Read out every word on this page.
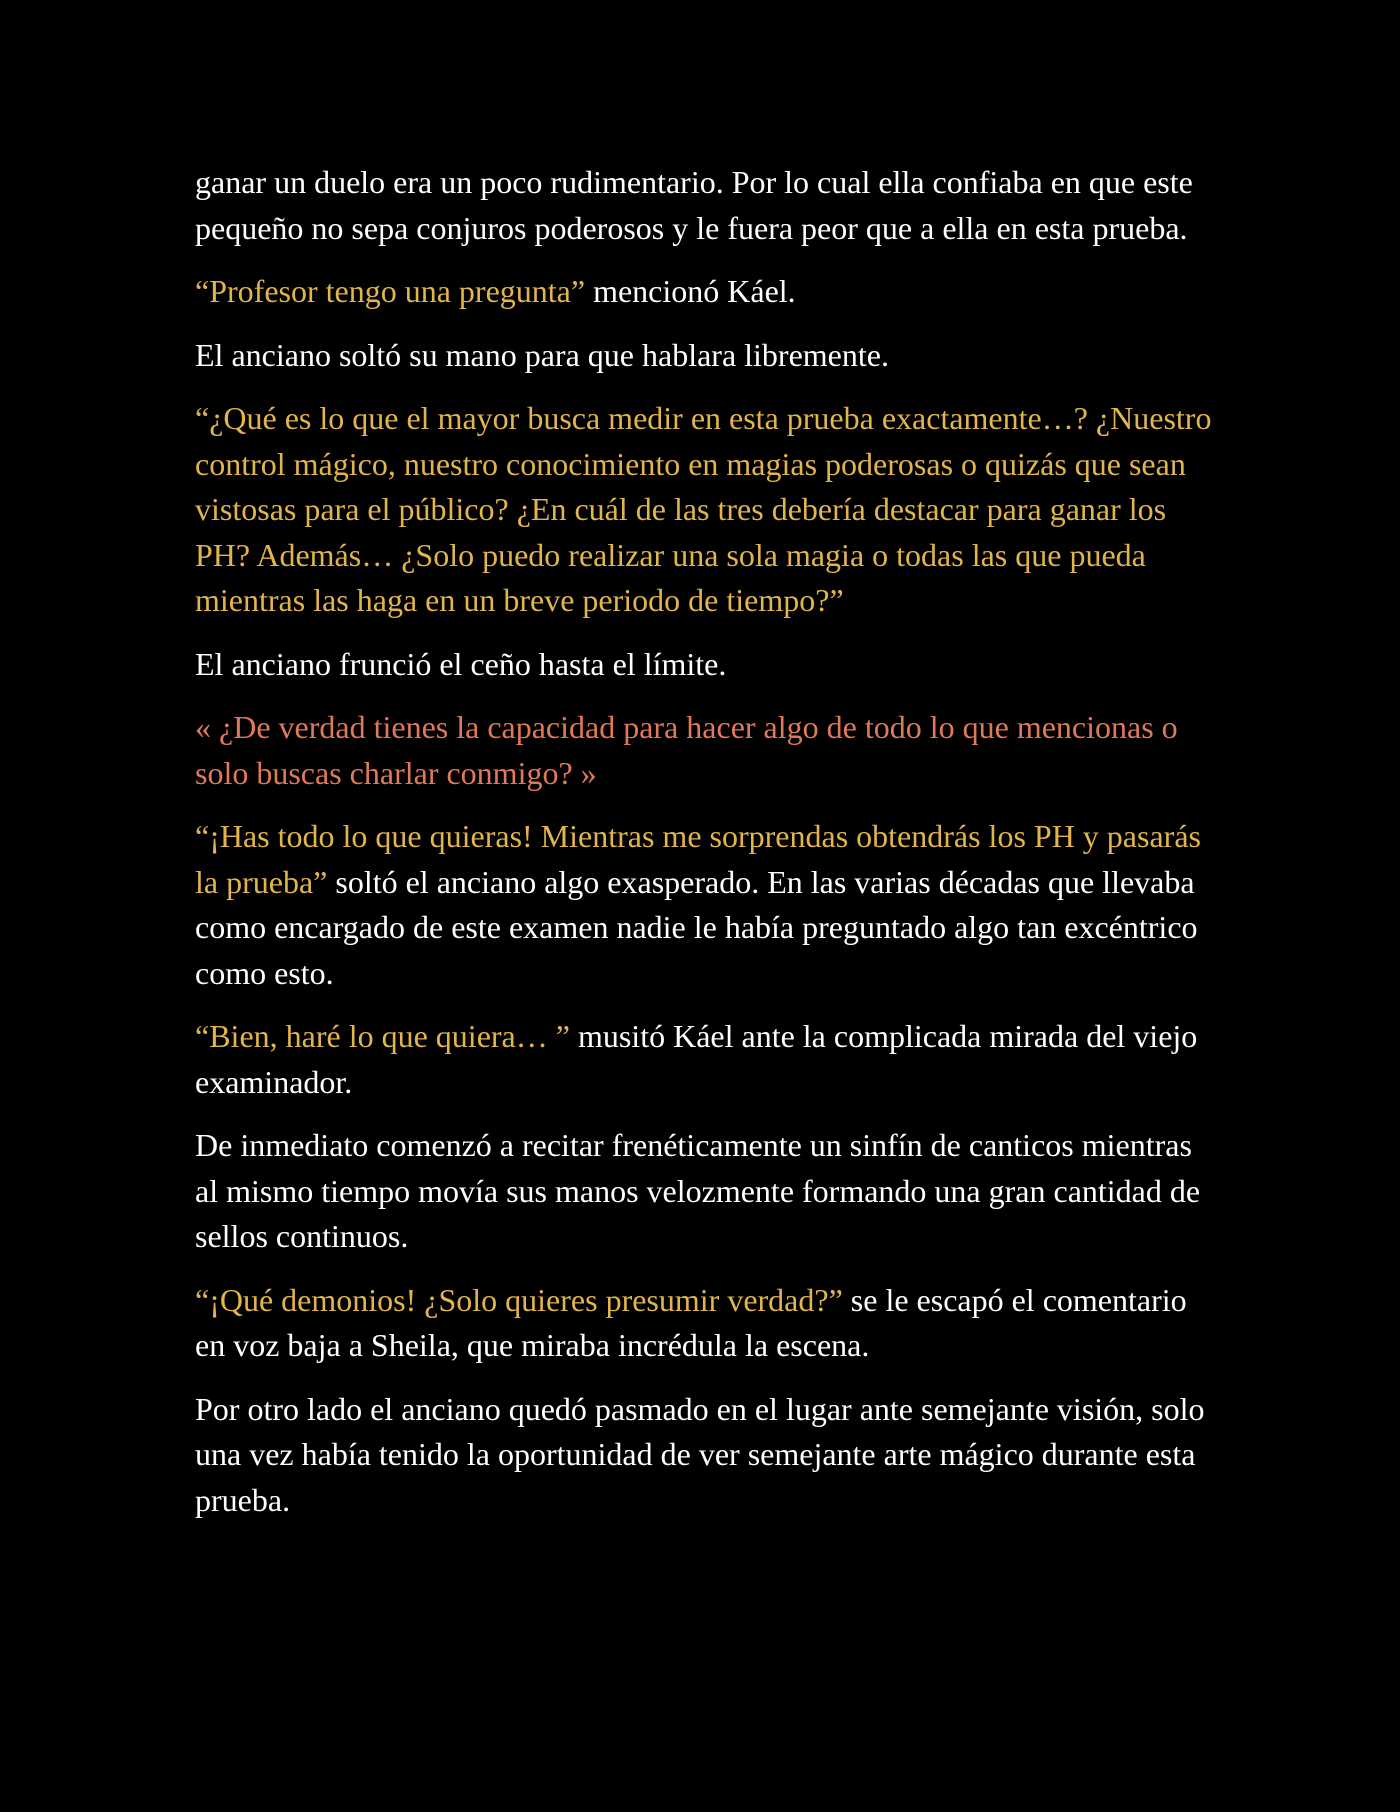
ganar un duelo era un poco rudimentario. Por lo cual ella confiaba en que este pequeño no sepa conjuros poderosos y le fuera peor que a ella en esta prueba.

“Profesor tengo una pregunta” mencionó Káel.

El anciano soltó su mano para que hablara libremente.

“¿Qué es lo que el mayor busca medir en esta prueba exactamente…? ¿Nuestro control mágico, nuestro conocimiento en magias poderosas o quizás que sean vistosas para el público? ¿En cuál de las tres debería destacar para ganar los PH? Además… ¿Solo puedo realizar una sola magia o todas las que pueda mientras las haga en un breve periodo de tiempo?”

El anciano frunció el ceño hasta el límite.

« ¿De verdad tienes la capacidad para hacer algo de todo lo que mencionas o solo buscas charlar conmigo? »

“¡Has todo lo que quieras! Mientras me sorprendas obtendrás los PH y pasarás la prueba” soltó el anciano algo exasperado. En las varias décadas que llevaba como encargado de este examen nadie le había preguntado algo tan excéntrico como esto.

“Bien, haré lo que quiera… ” musitó Káel ante la complicada mirada del viejo examinador.

De inmediato comenzó a recitar frenéticamente un sinfín de canticos mientras al mismo tiempo movía sus manos velozmente formando una gran cantidad de sellos continuos.

“¡Qué demonios! ¿Solo quieres presumir verdad?” se le escapó el comentario en voz baja a Sheila, que miraba incrédula la escena.

Por otro lado el anciano quedó pasmado en el lugar ante semejante visión, solo una vez había tenido la oportunidad de ver semejante arte mágico durante esta prueba.
